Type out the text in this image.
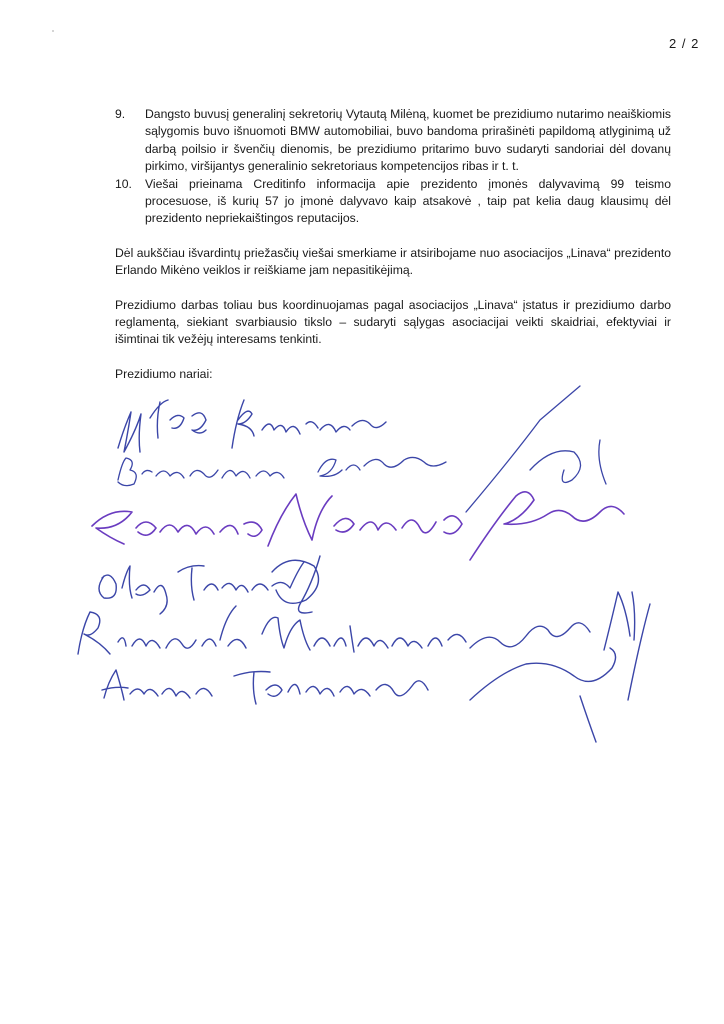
2 / 2
9.	Dangsto buvusį generalinį sekretorių Vytautą Milėną, kuomet be prezidiumo nutarimo neaiškiomis sąlygomis buvo išnuomoti BMW automobiliai, buvo bandoma prirašinėti papildomą atlyginimą už darbą poilsio ir švenčių dienomis, be prezidiumo pritarimo buvo sudaryti sandoriai dėl dovanų pirkimo, viršijantys generalinio sekretoriaus kompetencijos ribas ir t. t.
10.	Viešai prieinama Creditinfo informacija apie prezidento įmonės dalyvavimą 99 teismo procesuose, iš kurių 57 jo įmonė dalyvavo kaip atsakovė , taip pat kelia daug klausimų dėl prezidento nepriekaištingos reputacijos.

Dėl aukščiau išvardintų priežasčių viešai smerkiame ir atsiribojame nuo asociacijos „Linava“ prezidento Erlando Mikėno veiklos ir reiškiame jam nepasitikėjimą.

Prezidiumo darbas toliau bus koordinuojamas pagal asociacijos „Linava“ įstatus ir prezidiumo darbo reglamentą, siekiant svarbiausio tikslo – sudaryti sąlygas asociacijai veikti skaidriai, efektyviai ir išimtinai tik vežėjų interesams tenkinti.

Prezidiumo nariai:
